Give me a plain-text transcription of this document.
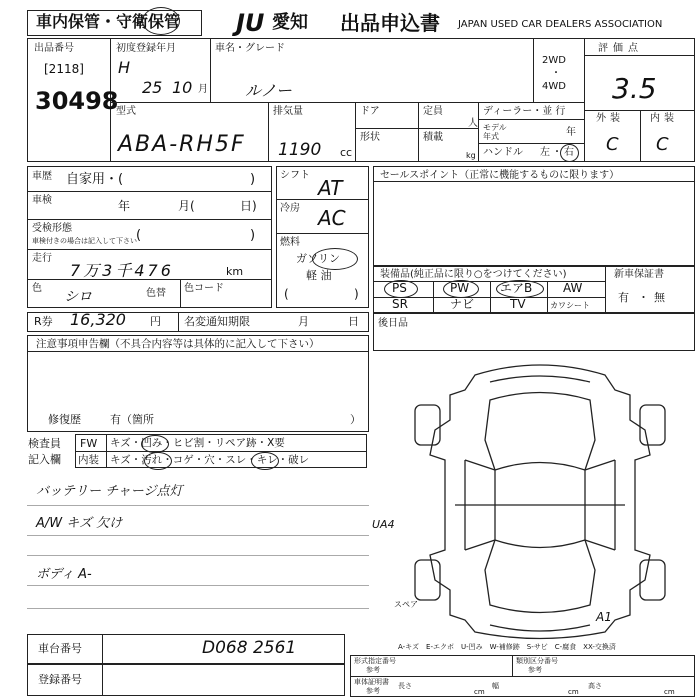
車内保管・守衛保管 JU 愛知 出品申込書 JAPAN USED CAR DEALERS ASSOCIATION
出品番号
[2118]
30498
初度登録年月
H
25 10 月
車名・グレード
ルノー
2WD
・
4WD
評価点
3.5
外装	内装
C C
型式
ABA-RH5F
排気量
1190 cc
ドア
形状
定員
人
積載
kg
ディーラー・並 行
モデル 年式	年
ハンドル 左 ・ 右
車歴 自家用・(	)
車検	年	月(	日)
受検形態
車検付きの場合は記入して下さい (	)
走行
7万3千476	km
色
シロ	色替 色コード
シフト
AT
冷房 AC
燃料
ガソリン
軽 油
(	)
セールスポイント（正常に機能するものに限ります）
装備品(純正品に限り○をつけてください)	新車保証書
有 ・ 無
PS	PW	エアB	AW
SR	ナビ	TV	カワシート
R券 16,320 円 名変通知期限	月	日 後日品
注意事項申告欄（不具合内容等は具体的に記入して下さい）
修復歴	有（箇所	）
検査員
記入欄
FW キズ・凹み・ヒビ割・リペア跡・X要
内装 キズ・汚れ・コゲ・穴・スレ・キレ・破レ
バッテリー チャージ点灯
A/W キズ 欠け
ボディ A-
UA4
A1
スペア
A-キズ　E-エクボ　U-凹み　W-補修跡　S-サビ　C-腐食　XX-交換済
車台番号	D068 2561
登録番号
形式指定番号
参考
類別区分番号
参考
車体証明書
参考
長さ
cm
幅
cm
高さ
cm
